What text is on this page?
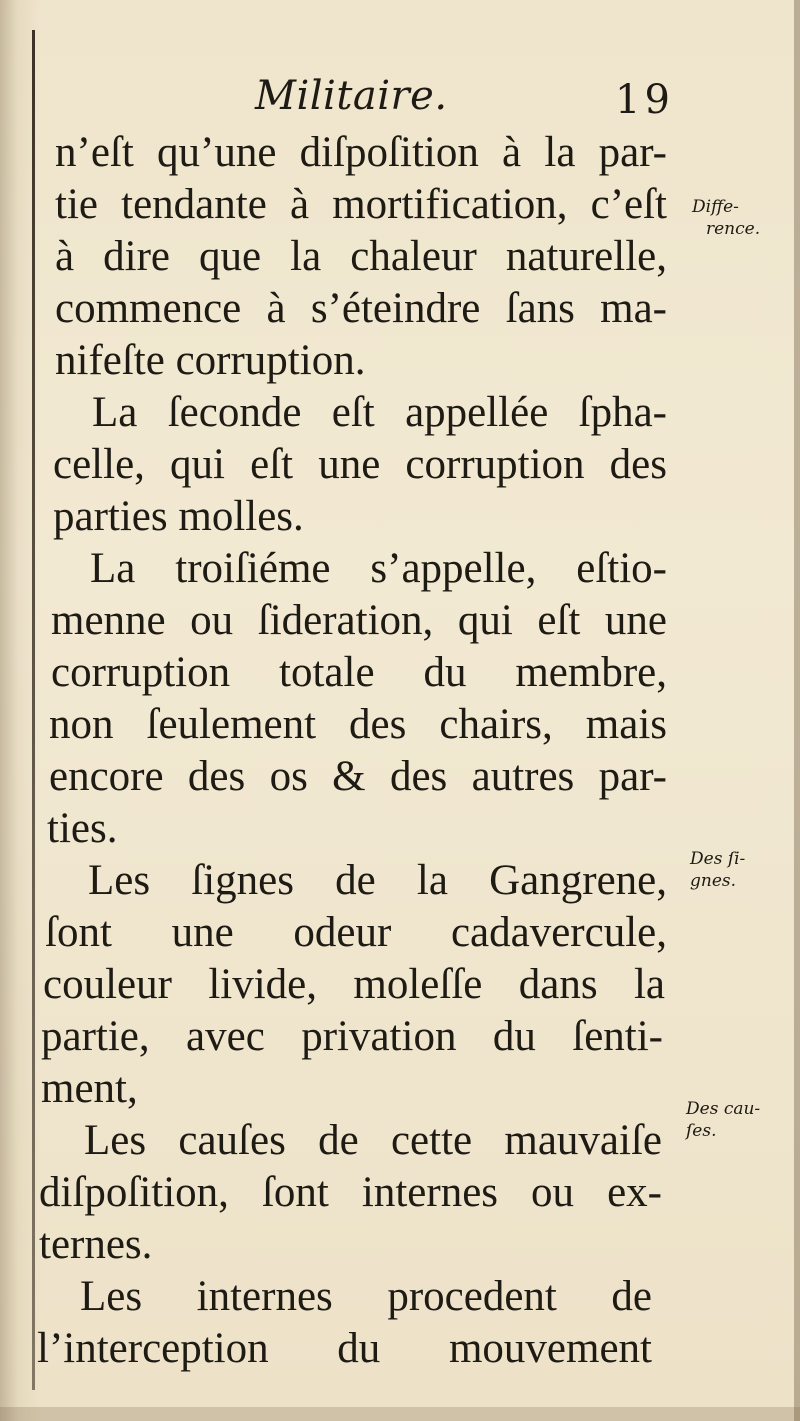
Militaire.	19
n’eſt qu’une diſpoſition à la par-
tie tendante à mortification, c’eſt
à dire que la chaleur naturelle,
commence à s’éteindre ſans ma-
nifeſte corruption.
La ſeconde eſt appellée ſpha-
celle, qui eſt une corruption des
parties molles.
La troiſiéme s’appelle, eſtio-
menne ou ſideration, qui eſt une
corruption totale du membre,
non ſeulement des chairs, mais
encore des os & des autres par-
ties.
Les ſignes de la Gangrene,
ſont une odeur cadavercule,
couleur livide, moleſſe dans la
partie, avec privation du ſenti-
ment,
Les cauſes de cette mauvaiſe
diſpoſition, ſont internes ou ex-
ternes.
Les internes procedent de
l’interception du mouvement
Diffe-
rence.
Des ſi-
gnes.
Des cau-
ſes.
